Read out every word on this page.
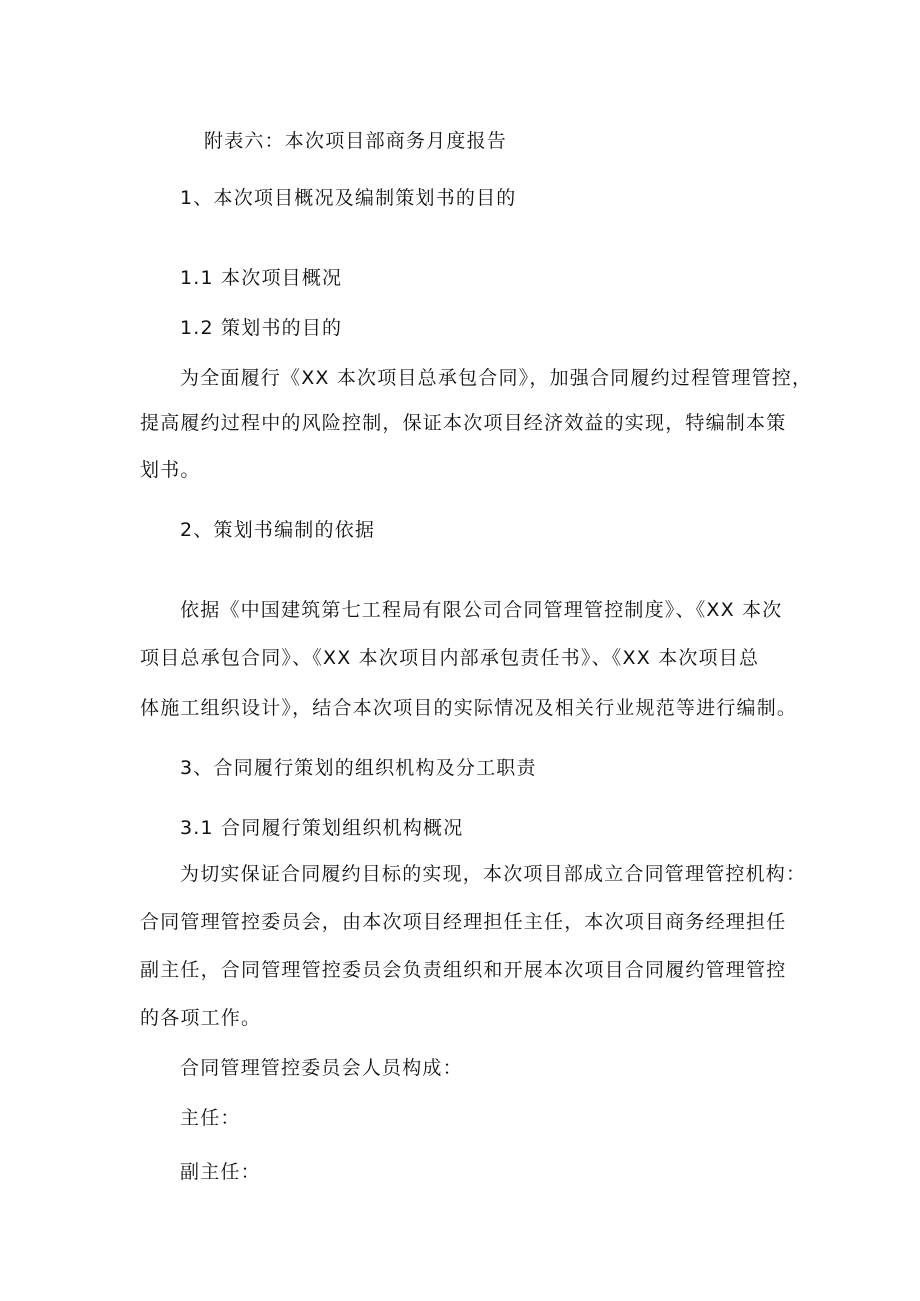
附表六：本次项目部商务月度报告
1、本次项目概况及编制策划书的目的
1.1 本次项目概况
1.2 策划书的目的
为全面履行《XX 本次项目总承包合同》，加强合同履约过程管理管控，
提高履约过程中的风险控制，保证本次项目经济效益的实现，特编制本策
划书。
2、策划书编制的依据
依据《中国建筑第七工程局有限公司合同管理管控制度》、《XX 本次
项目总承包合同》、《XX 本次项目内部承包责任书》、《XX 本次项目总
体施工组织设计》，结合本次项目的实际情况及相关行业规范等进行编制。
3、合同履行策划的组织机构及分工职责
3.1 合同履行策划组织机构概况
为切实保证合同履约目标的实现，本次项目部成立合同管理管控机构：
合同管理管控委员会，由本次项目经理担任主任，本次项目商务经理担任
副主任，合同管理管控委员会负责组织和开展本次项目合同履约管理管控
的各项工作。
合同管理管控委员会人员构成：
主任：
副主任：
